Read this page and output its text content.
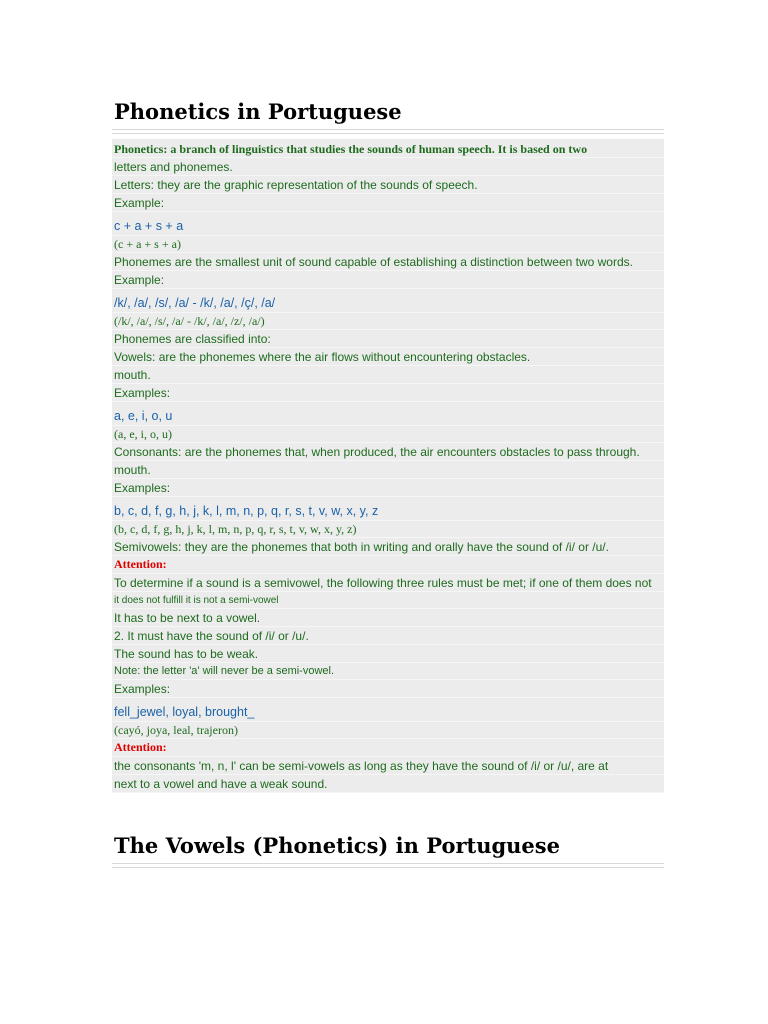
Phonetics in Portuguese
Phonetics: a branch of linguistics that studies the sounds of human speech. It is based on two
letters and phonemes.
Letters: they are the graphic representation of the sounds of speech.
Example:
c + a + s + a
(c + a + s + a)
Phonemes are the smallest unit of sound capable of establishing a distinction between two words.
Example:
/k/, /a/, /s/, /a/ - /k/, /a/, /ç/, /a/
(/k/, /a/, /s/, /a/ - /k/, /a/, /z/, /a/)
Phonemes are classified into:
Vowels: are the phonemes where the air flows without encountering obstacles.
mouth.
Examples:
a, e, i, o, u
(a, e, i, o, u)
Consonants: are the phonemes that, when produced, the air encounters obstacles to pass through.
mouth.
Examples:
b, c, d, f, g, h, j, k, l, m, n, p, q, r, s, t, v, w, x, y, z
(b, c, d, f, g, h, j, k, l, m, n, p, q, r, s, t, v, w, x, y, z)
Semivowels: they are the phonemes that both in writing and orally have the sound of /i/ or /u/.
Attention:
To determine if a sound is a semivowel, the following three rules must be met; if one of them does not
it does not fulfill it is not a semi-vowel
It has to be next to a vowel.
2. It must have the sound of /i/ or /u/.
The sound has to be weak.
Note: the letter 'a' will never be a semi-vowel.
Examples:
fell_jewel, loyal, brought_
(cayó, joya, leal, trajeron)
Attention:
the consonants 'm, n, l' can be semi-vowels as long as they have the sound of /i/ or /u/, are at
next to a vowel and have a weak sound.
The Vowels (Phonetics) in Portuguese
